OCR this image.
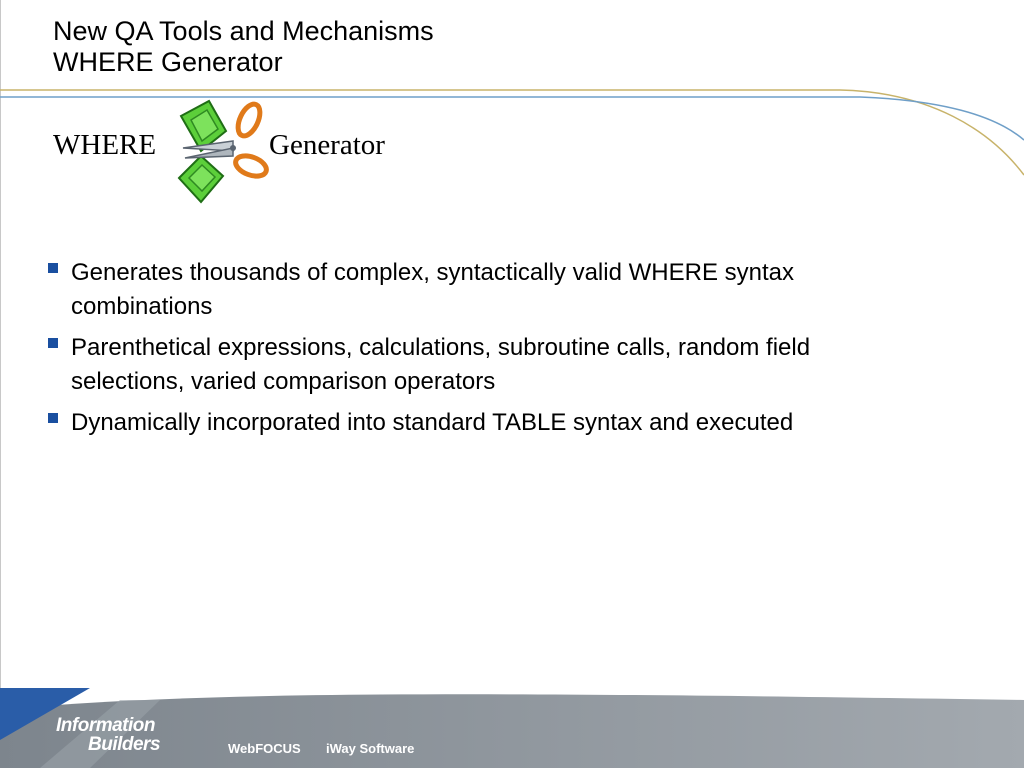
New QA Tools and Mechanisms
WHERE Generator
WHERE	Generator
Generates thousands of complex, syntactically valid WHERE syntax combinations
Parenthetical expressions, calculations, subroutine calls, random field selections, varied comparison operators
Dynamically incorporated into standard TABLE syntax and executed
Information
Builders	WebFOCUS iWay Software
